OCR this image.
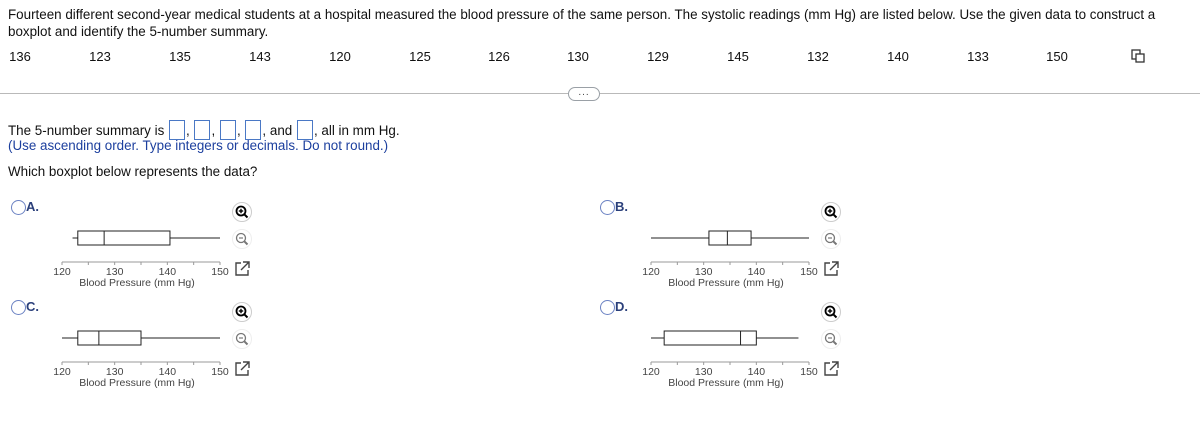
Fourteen different second-year medical students at a hospital measured the blood pressure of the same person. The systolic readings (mm Hg) are listed below. Use the given data to construct a boxplot and identify the 5-number summary.
136	123	135	143	120	125	126	130	129	145	132	140	133	150
...
The 5-number summary is , , , , and , all in mm Hg.
(Use ascending order. Type integers or decimals. Do not round.)
Which boxplot below represents the data?
A.
120	130	140	150
Blood Pressure (mm Hg)
B.
120	130	140	150
Blood Pressure (mm Hg)
C.
120	130	140	150
Blood Pressure (mm Hg)
D.
120	130	140	150
Blood Pressure (mm Hg)
